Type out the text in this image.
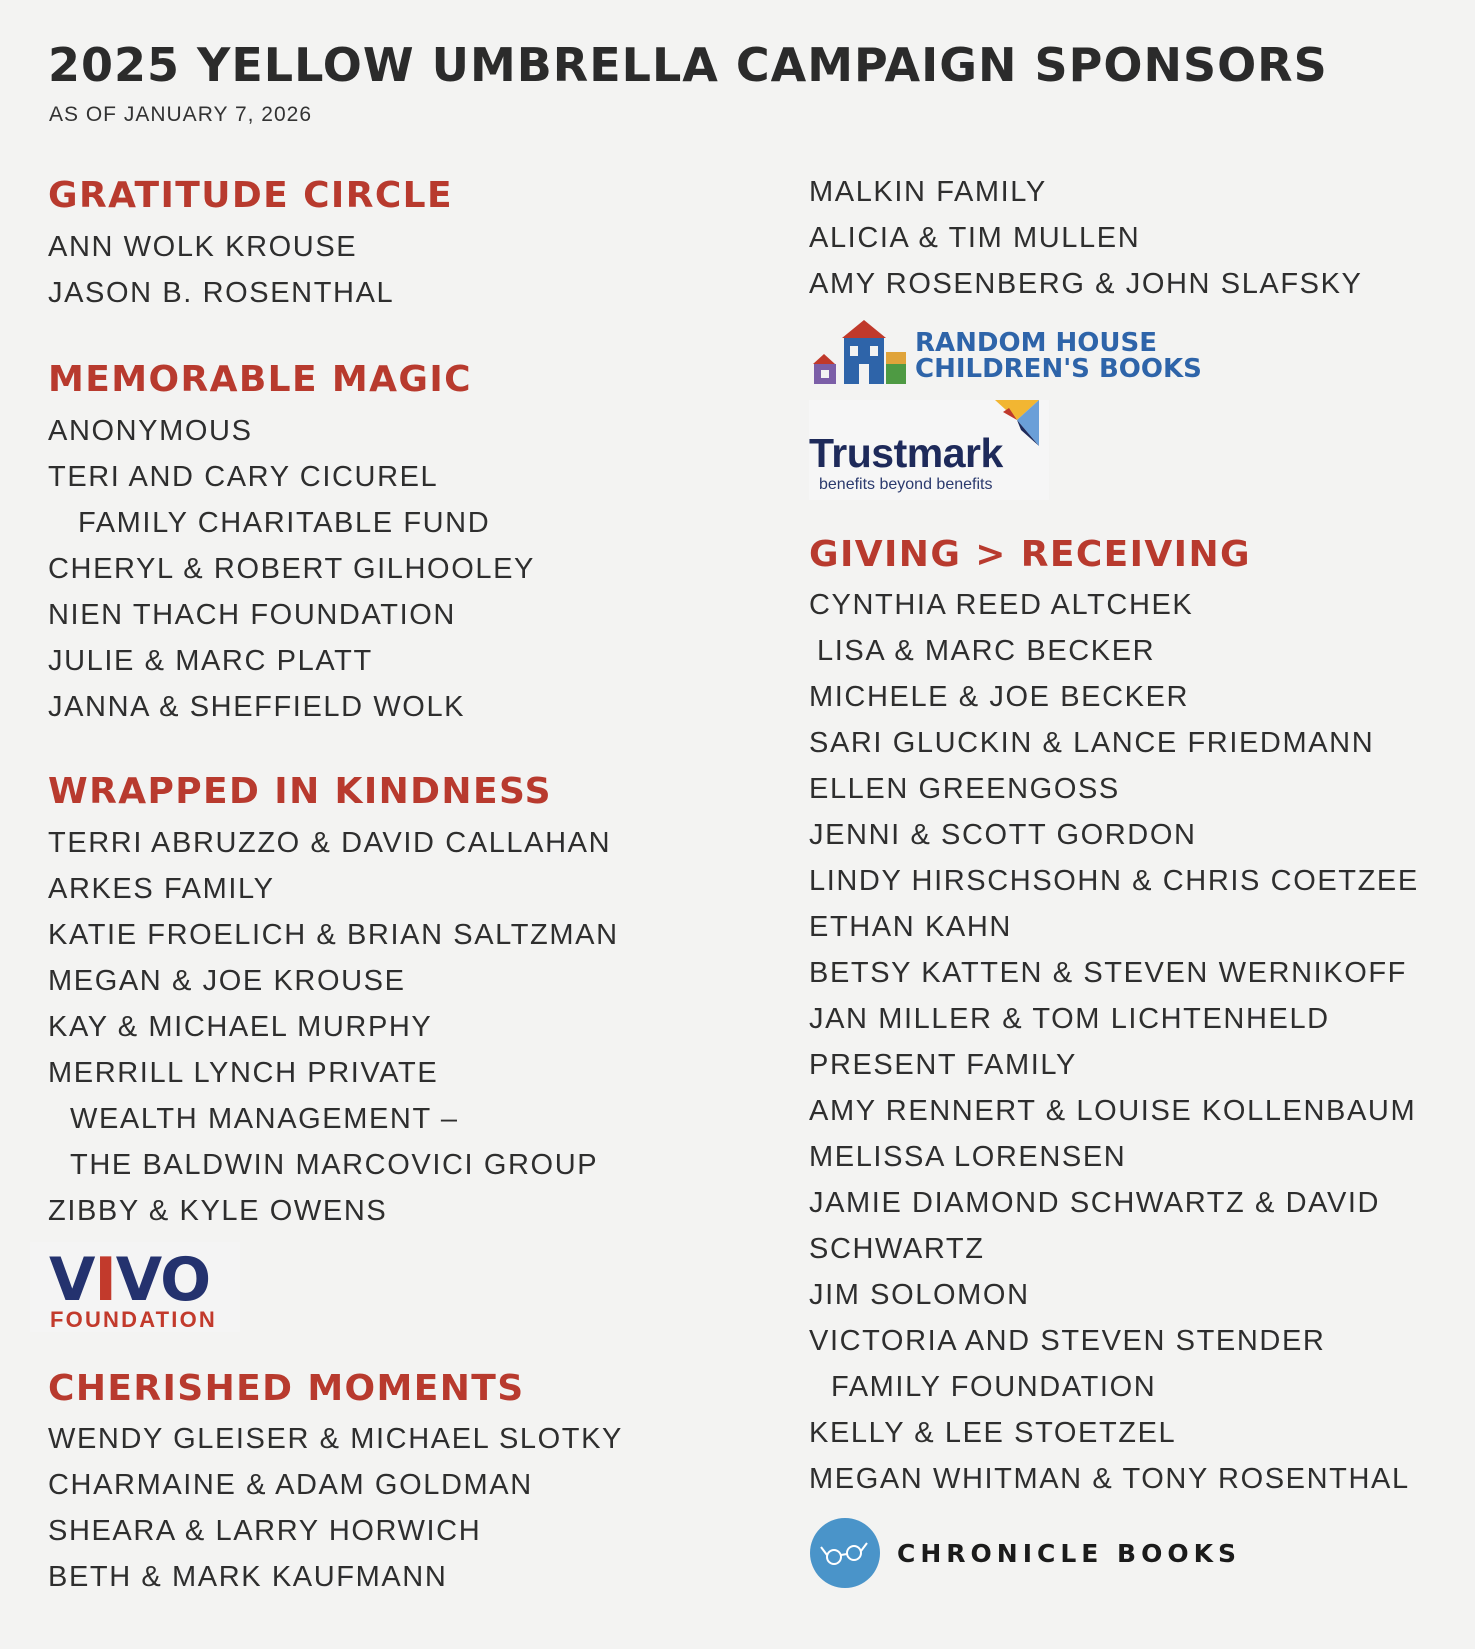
2025 YELLOW UMBRELLA CAMPAIGN SPONSORS
AS OF JANUARY 7, 2026
GRATITUDE CIRCLE
ANN WOLK KROUSE
JASON B. ROSENTHAL
MEMORABLE MAGIC
ANONYMOUS
TERI AND CARY CICUREL
FAMILY CHARITABLE FUND
CHERYL & ROBERT GILHOOLEY
NIEN THACH FOUNDATION
JULIE & MARC PLATT
JANNA & SHEFFIELD WOLK
WRAPPED IN KINDNESS
TERRI ABRUZZO & DAVID CALLAHAN
ARKES FAMILY
KATIE FROELICH & BRIAN SALTZMAN
MEGAN & JOE KROUSE
KAY & MICHAEL MURPHY
MERRILL LYNCH PRIVATE
WEALTH MANAGEMENT –
THE BALDWIN MARCOVICI GROUP
ZIBBY & KYLE OWENS
VIVO
FOUNDATION
CHERISHED MOMENTS
WENDY GLEISER & MICHAEL SLOTKY
CHARMAINE & ADAM GOLDMAN
SHEARA & LARRY HORWICH
BETH & MARK KAUFMANN
MALKIN FAMILY
ALICIA & TIM MULLEN
AMY ROSENBERG & JOHN SLAFSKY
RANDOM HOUSE
CHILDREN'S BOOKS
Trustmark
benefits beyond benefits
GIVING > RECEIVING
CYNTHIA REED ALTCHEK
LISA & MARC BECKER
MICHELE & JOE BECKER
SARI GLUCKIN & LANCE FRIEDMANN
ELLEN GREENGOSS
JENNI & SCOTT GORDON
LINDY HIRSCHSOHN & CHRIS COETZEE
ETHAN KAHN
BETSY KATTEN & STEVEN WERNIKOFF
JAN MILLER & TOM LICHTENHELD
PRESENT FAMILY
AMY RENNERT & LOUISE KOLLENBAUM
MELISSA LORENSEN
JAMIE DIAMOND SCHWARTZ & DAVID
SCHWARTZ
JIM SOLOMON
VICTORIA AND STEVEN STENDER
FAMILY FOUNDATION
KELLY & LEE STOETZEL
MEGAN WHITMAN & TONY ROSENTHAL
CHRONICLE BOOKS
